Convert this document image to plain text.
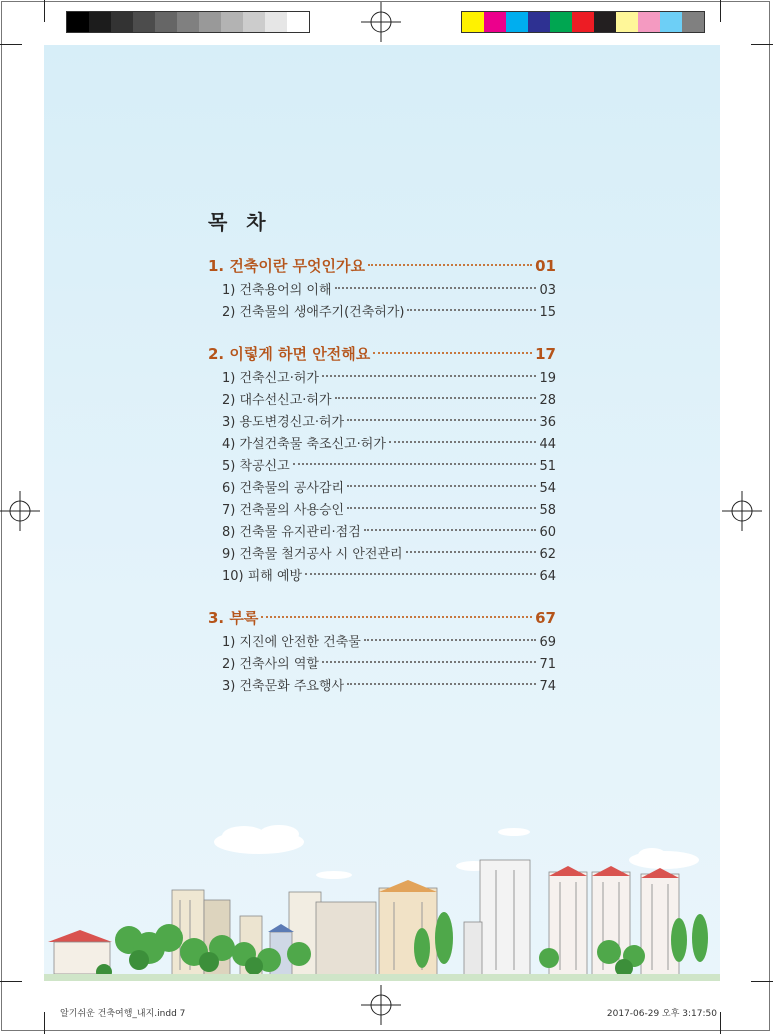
목 차
1. 건축이란 무엇인가요	01
1) 건축용어의 이해	03
2) 건축물의 생애주기(건축허가)	15
2. 이렇게 하면 안전해요	17
1) 건축신고·허가	19
2) 대수선신고·허가	28
3) 용도변경신고·허가	36
4) 가설건축물 축조신고·허가	44
5) 착공신고	51
6) 건축물의 공사감리	54
7) 건축물의 사용승인	58
8) 건축물 유지관리·점검	60
9) 건축물 철거공사 시 안전관리	62
10) 피해 예방	64
3. 부록	67
1) 지진에 안전한 건축물	69
2) 건축사의 역할	71
3) 건축문화 주요행사	74
알기쉬운 건축여행_내지.indd 7	2017-06-29 오후 3:17:50
